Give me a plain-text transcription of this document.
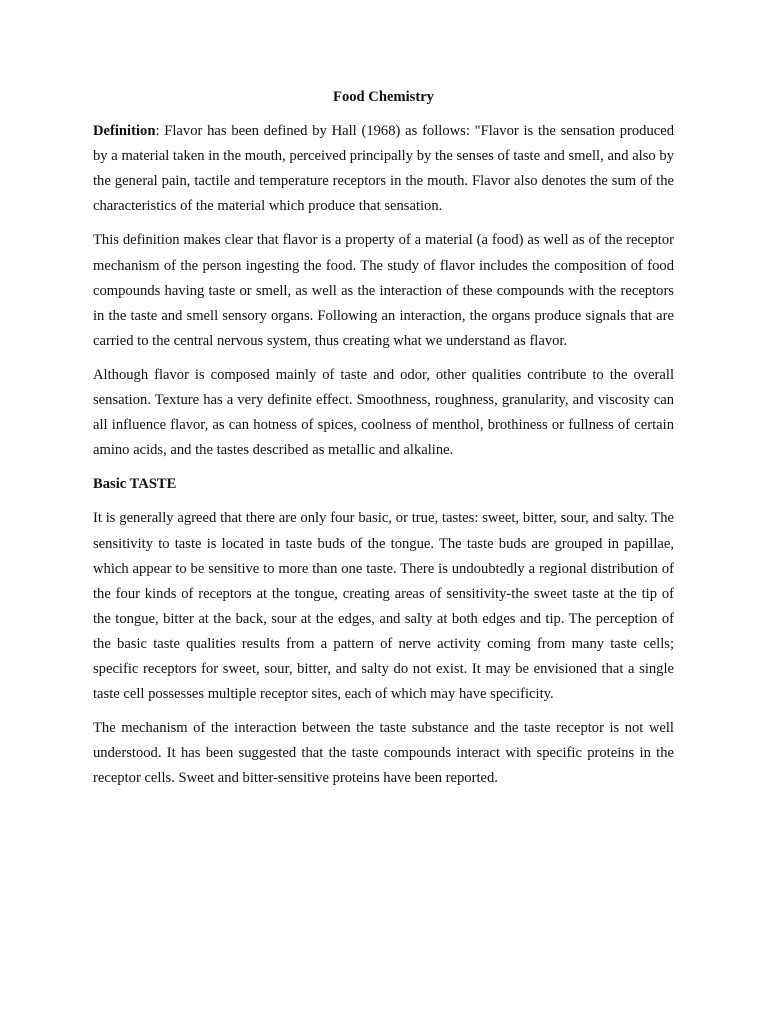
Food Chemistry

Definition: Flavor has been defined by Hall (1968) as follows: "Flavor is the sensation produced by a material taken in the mouth, perceived principally by the senses of taste and smell, and also by the general pain, tactile and temperature receptors in the mouth. Flavor also denotes the sum of the characteristics of the material which produce that sensation.

This definition makes clear that flavor is a property of a material (a food) as well as of the receptor mechanism of the person ingesting the food. The study of flavor includes the composition of food compounds having taste or smell, as well as the interaction of these compounds with the receptors in the taste and smell sensory organs. Following an interaction, the organs produce signals that are carried to the central nervous system, thus creating what we understand as flavor.

Although flavor is composed mainly of taste and odor, other qualities contribute to the overall sensation. Texture has a very definite effect. Smoothness, roughness, granularity, and viscosity can all influence flavor, as can hotness of spices, coolness of menthol, brothiness or fullness of certain amino acids, and the tastes described as metallic and alkaline.

Basic TASTE

It is generally agreed that there are only four basic, or true, tastes: sweet, bitter, sour, and salty. The sensitivity to taste is located in taste buds of the tongue. The taste buds are grouped in papillae, which appear to be sensitive to more than one taste. There is undoubtedly a regional distribution of the four kinds of receptors at the tongue, creating areas of sensitivity-the sweet taste at the tip of the tongue, bitter at the back, sour at the edges, and salty at both edges and tip. The perception of the basic taste qualities results from a pattern of nerve activity coming from many taste cells; specific receptors for sweet, sour, bitter, and salty do not exist. It may be envisioned that a single taste cell possesses multiple receptor sites, each of which may have specificity.

The mechanism of the interaction between the taste substance and the taste receptor is not well understood. It has been suggested that the taste compounds interact with specific proteins in the receptor cells. Sweet and bitter-sensitive proteins have been reported.
